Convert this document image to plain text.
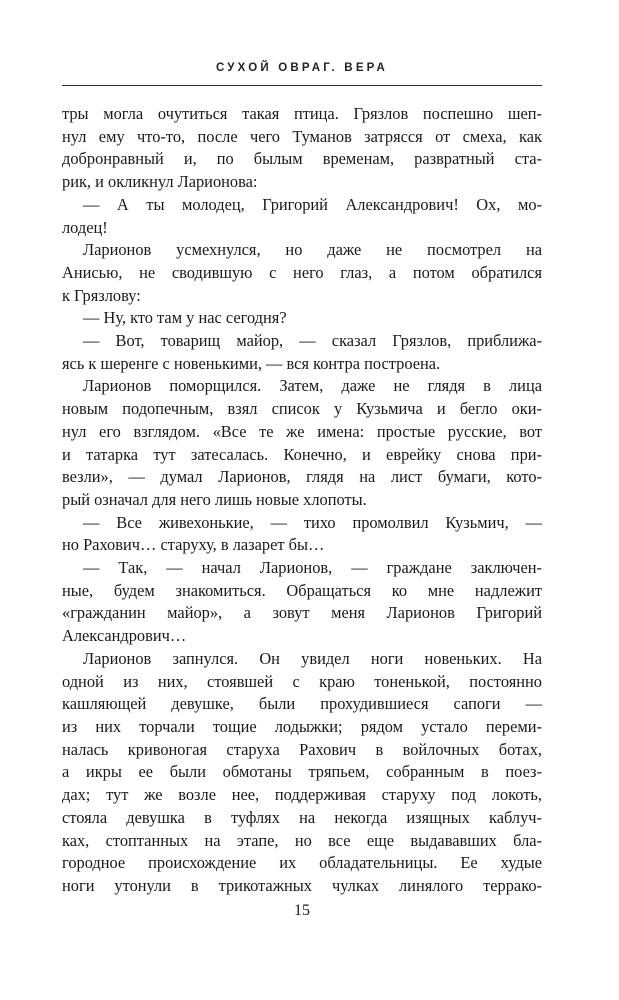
СУХОЙ ОВРАГ. ВЕРА
тры могла очутиться такая птица. Грязлов поспешно шеп-
нул ему что-то, после чего Туманов затрясся от смеха, как
добронравный и, по былым временам, развратный ста-
рик, и окликнул Ларионова:
— А ты молодец, Григорий Александрович! Ох, мо-
лодец!
Ларионов усмехнулся, но даже не посмотрел на
Анисью, не сводившую с него глаз, а потом обратился
к Грязлову:
— Ну, кто там у нас сегодня?
— Вот, товарищ майор, — сказал Грязлов, приближа-
ясь к шеренге с новенькими, — вся контра построена.
Ларионов поморщился. Затем, даже не глядя в лица
новым подопечным, взял список у Кузьмича и бегло оки-
нул его взглядом. «Все те же имена: простые русские, вот
и татарка тут затесалась. Конечно, и еврейку снова при-
везли», — думал Ларионов, глядя на лист бумаги, кото-
рый означал для него лишь новые хлопоты.
— Все живехонькие, — тихо промолвил Кузьмич, —
но Рахович… старуху, в лазарет бы…
— Так, — начал Ларионов, — граждане заключен-
ные, будем знакомиться. Обращаться ко мне надлежит
«гражданин майор», а зовут меня Ларионов Григорий
Александрович…
Ларионов запнулся. Он увидел ноги новеньких. На
одной из них, стоявшей с краю тоненькой, постоянно
кашляющей девушке, были прохудившиеся сапоги —
из них торчали тощие лодыжки; рядом устало переми-
налась кривоногая старуха Рахович в войлочных ботах,
а икры ее были обмотаны тряпьем, собранным в поез-
дах; тут же возле нее, поддерживая старуху под локоть,
стояла девушка в туфлях на некогда изящных каблуч-
ках, стоптанных на этапе, но все еще выдававших бла-
городное происхождение их обладательницы. Ее худые
ноги утонули в трикотажных чулках линялого террако-
15
